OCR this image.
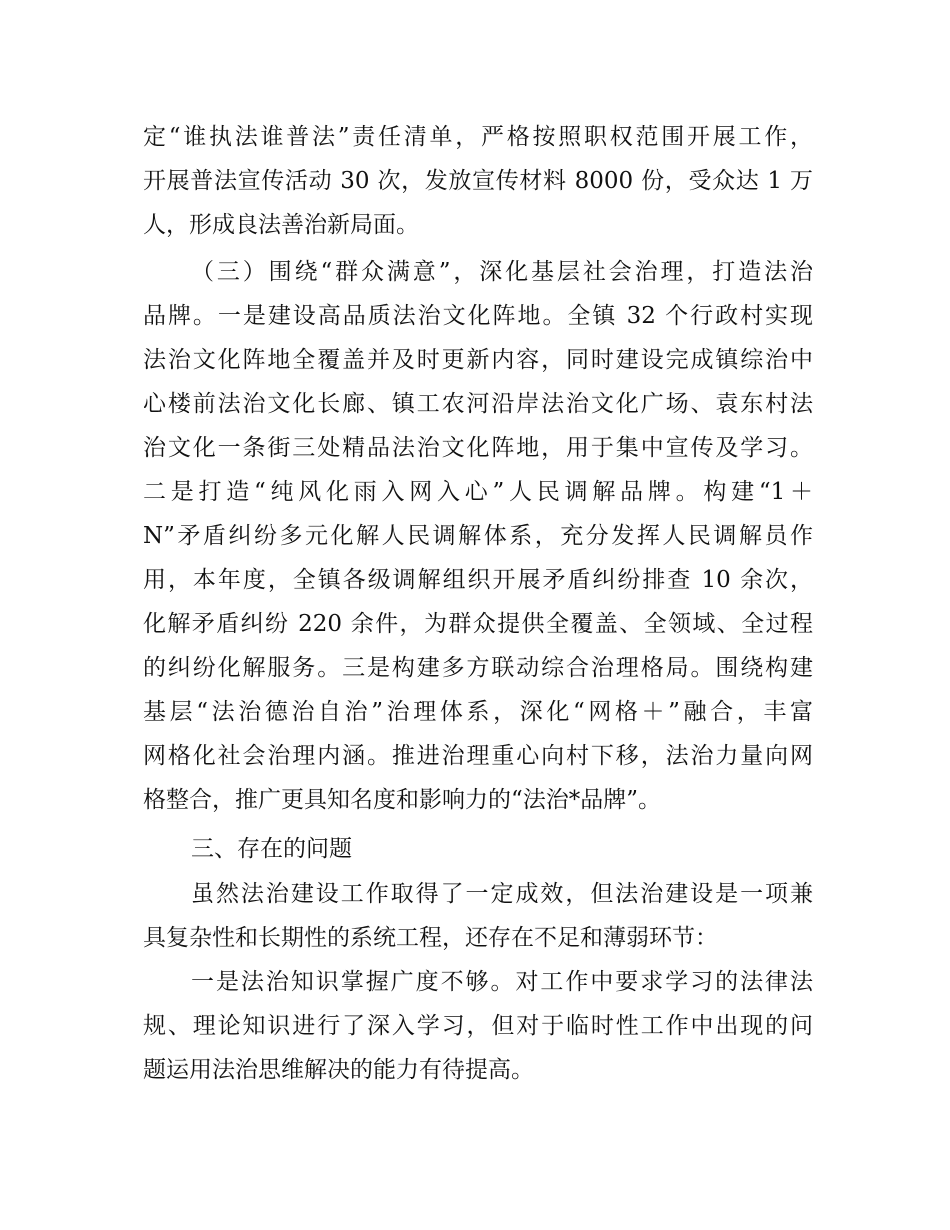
定“谁执法谁普法”责任清单，严格按照职权范围开展工作，
开展普法宣传活动 30 次，发放宣传材料 8000 份，受众达 1 万
人，形成良法善治新局面。
（三）围绕“群众满意”，深化基层社会治理，打造法治
品牌。一是建设高品质法治文化阵地。全镇 32 个行政村实现
法治文化阵地全覆盖并及时更新内容，同时建设完成镇综治中
心楼前法治文化长廊、镇工农河沿岸法治文化广场、袁东村法
治文化一条街三处精品法治文化阵地，用于集中宣传及学习。
二是打造“纯风化雨入网入心”人民调解品牌。构建“1＋
N”矛盾纠纷多元化解人民调解体系，充分发挥人民调解员作
用，本年度，全镇各级调解组织开展矛盾纠纷排查 10 余次，
化解矛盾纠纷 220 余件，为群众提供全覆盖、全领域、全过程
的纠纷化解服务。三是构建多方联动综合治理格局。围绕构建
基层“法治德治自治”治理体系，深化“网格＋”融合，丰富
网格化社会治理内涵。推进治理重心向村下移，法治力量向网
格整合，推广更具知名度和影响力的“法治*品牌”。
三、存在的问题
虽然法治建设工作取得了一定成效，但法治建设是一项兼
具复杂性和长期性的系统工程，还存在不足和薄弱环节：
一是法治知识掌握广度不够。对工作中要求学习的法律法
规、理论知识进行了深入学习，但对于临时性工作中出现的问
题运用法治思维解决的能力有待提高。
